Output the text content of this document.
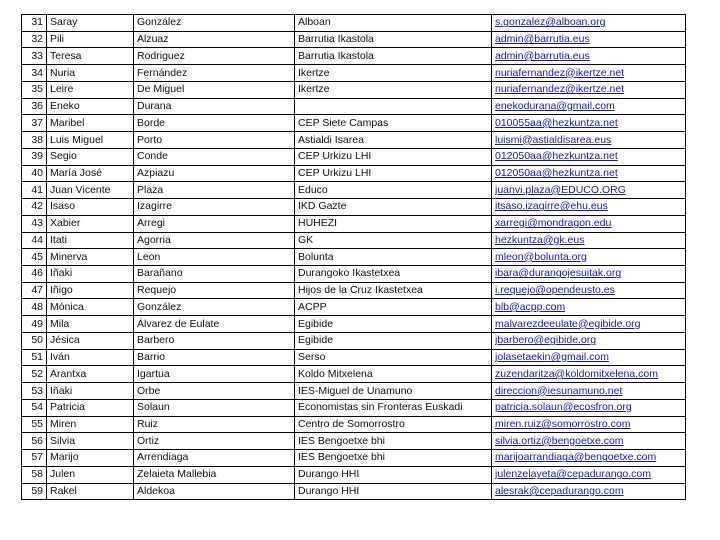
31	Saray	González	Alboan	s.gonzalez@alboan.org
32	Pili	Alzuaz	Barrutia Ikastola	admin@barrutia.eus
33	Teresa	Rodriguez	Barrutia Ikastola	admin@barrutia.eus
34	Nuria	Fernández	Ikertze	nuriafernandez@ikertze.net
35	Leire	De Miguel	Ikertze	nuriafernandez@ikertze.net
36	Eneko	Durana		enekodurana@gmail.com
37	Maribel	Borde	CEP Siete Campas	010055aa@hezkuntza.net
38	Luis Miguel	Porto	Astialdi Isarea	luismi@astialdisarea.eus
39	Segio	Conde	CEP Urkizu LHI	012050aa@hezkuntza.net
40	María José	Azpiazu	CEP Urkizu LHI	012050aa@hezkuntza.net
41	Juan Vicente	Plaza	Educo	juanvi.plaza@EDUCO.ORG
42	Isaso	Izagirre	IKD Gazte	itsaso.izagirre@ehu.eus
43	Xabier	Arregi	HUHEZI	xarregi@mondragon.edu
44	Itati	Agorria	GK	hezkuntza@gk.eus
45	Minerva	Leon	Bolunta	mleon@bolunta.org
46	Iñaki	Barañano	Durangoko Ikastetxea	ibara@durangojesuitak.org
47	Iñigo	Requejo	Hijos de la Cruz Ikastetxea	i.requejo@opendeusto.es
48	Mónica	González	ACPP	blb@acpp.com
49	Mila	Álvarez de Eulate	Egibide	malvarezdeeulate@egibide.org
50	Jésica	Barbero	Egibide	jbarbero@egibide.org
51	Iván	Barrio	Serso	jolasetaekin@gmail.com
52	Arantxa	Igartua	Koldo Mitxelena	zuzendaritza@koldomitxelena.com
53	Iñaki	Orbe	IES-Miguel de Unamuno	direccion@iesunamuno.net
54	Patricia	Solaun	Economistas sin Fronteras Euskadi	patricia.solaun@ecosfron.org
55	Miren	Ruiz	Centro de Somorrostro	miren.ruiz@somorrostro.com
56	Silvia	Ortiz	IES Bengoetxe bhi	silvia.ortiz@bengoetxe.com
57	Marijo	Arrendiaga	IES Bengoetxe bhi	marijoarrandiaga@bengoetxe.com
58	Julen	Zelaieta Mallebia	Durango HHI	julenzelayeta@cepadurango.com
59	Rakel	Aldekoa	Durango HHI	alesrak@cepadurango.com
